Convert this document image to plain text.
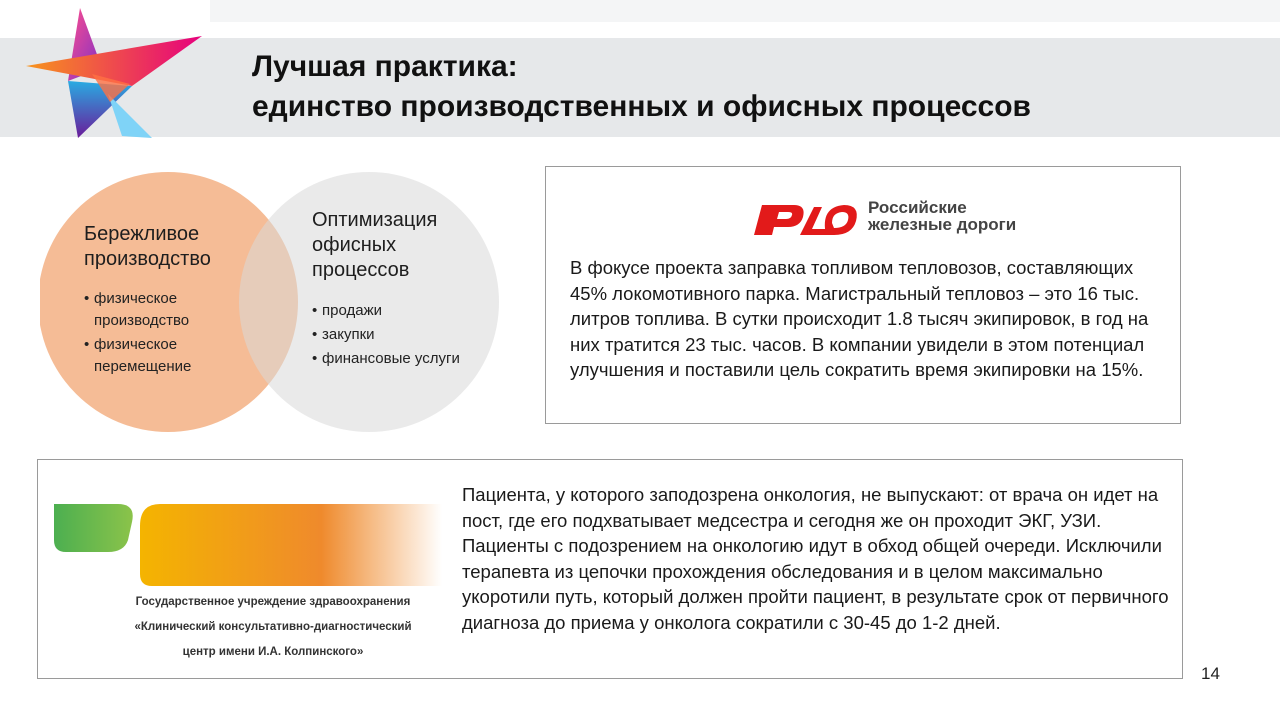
Лучшая практика:
единство производственных и офисных процессов
Бережливое
производство
• физическое производство
• физическое перемещение
Оптимизация
офисных
процессов
• продажи
• закупки
• финансовые услуги
Российские
железные дороги
В фокусе проекта заправка топливом тепловозов, составляющих 45% локомотивного парка. Магистральный тепловоз – это 16 тыс. литров топлива. В сутки происходит 1.8 тысяч экипировок, в год на них тратится 23 тыс. часов. В компании увидели в этом потенциал улучшения и поставили цель сократить время экипировки на 15%.
Государственное учреждение здравоохранения
«Клинический консультативно-диагностический
центр имени И.А. Колпинского»
Пациента, у которого заподозрена онкология, не выпускают: от врача он идет на пост, где его подхватывает медсестра и сегодня же он проходит ЭКГ, УЗИ. Пациенты с подозрением на онкологию идут в обход общей очереди. Исключили терапевта из цепочки прохождения обследования и в целом максимально укоротили путь, который должен пройти пациент, в результате срок от первичного диагноза до приема у онколога сократили с 30-45 до 1-2 дней.
14
